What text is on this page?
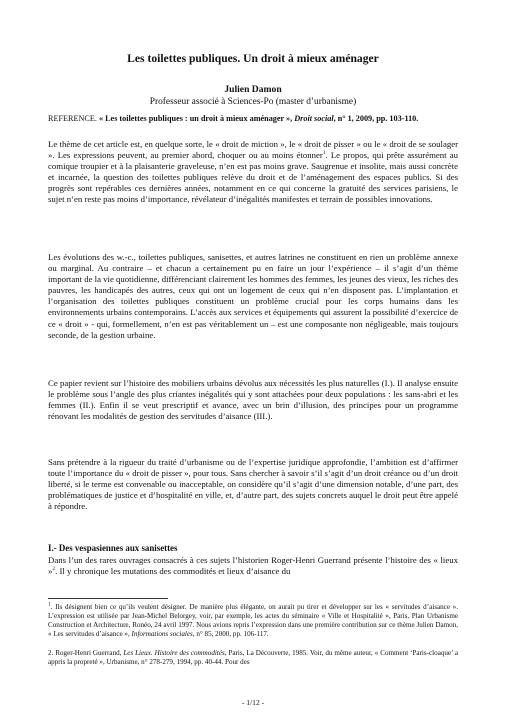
Les toilettes publiques. Un droit à mieux aménager

Julien Damon

Professeur associé à Sciences-Po (master d’urbanisme)

REFERENCE. « Les toilettes publiques : un droit à mieux aménager », Droit social, n° 1, 2009, pp. 103-110.

Le thème de cet article est, en quelque sorte, le « droit de miction », le « droit de pisser » ou le « droit de se soulager ». Les expressions peuvent, au premier abord, choquer ou au moins étonner$^1$. Le propos, qui prête assurément au comique troupier et à la plaisanterie graveleuse, n’en est pas moins grave. Saugrenue et insolite, mais aussi concrète et incarnée, la question des toilettes publiques relève du droit et de l’aménagement des espaces publics. Si des progrès sont repérables ces dernières années, notamment en ce qui concerne la gratuité des services parisiens, le sujet n’en reste pas moins d’importance, révélateur d’inégalités manifestes et terrain de possibles innovations.

Les évolutions des w.-c., toilettes publiques, sanisettes, et autres latrines ne constituent en rien un problème annexe ou marginal. Au contraire – et chacun a certainement pu en faire un jour l’expérience – il s’agit d’un thème important de la vie quotidienne, différenciant clairement les hommes des femmes, les jeunes des vieux, les riches des pauvres, les handicapés des autres, ceux qui ont un logement de ceux qui n’en disposent pas. L’implantation et l’organisation des toilettes publiques constituent un problème crucial pour les corps humains dans les environnements urbains contemporains. L’accès aux services et équipements qui assurent la possibilité d’exercice de ce « droit » - qui, formellement, n’en est pas véritablement un – est une composante non négligeable, mais toujours seconde, de la gestion urbaine.

Ce papier revient sur l’histoire des mobiliers urbains dévolus aux nécessités les plus naturelles (I.). Il analyse ensuite le problème sous l’angle des plus criantes inégalités qui y sont attachées pour deux populations : les sans-abri et les femmes (II.). Enfin il se veut prescriptif et avance, avec un brin d’illusion, des principes pour un programme rénovant les modalités de gestion des servitudes d’aisance (III.).

Sans prétendre à la rigueur du traité d’urbanisme ou de l’expertise juridique approfondie, l’ambition est d’affirmer toute l’importance du « droit de pisser », pour tous. Sans chercher à savoir s’il s’agit d’un droit créance ou d’un droit liberté, si le terme est convenable ou inacceptable, on considère qu’il s’agit d’une dimension notable, d’une part, des problématiques de justice et d’hospitalité en ville, et, d’autre part, des sujets concrets auquel le droit peut être appelé à répondre.

I.- Des vespasiennes aux sanisettes

Dans l’un des rares ouvrages consacrés à ces sujets l’historien Roger-Henri Guerrand présente l’histoire des « lieux »$^2$. Il y chronique les mutations des commodités et lieux d’aisance du

$^1$. Ils désignent bien ce qu’ils veulent désigner. De manière plus élégante, on aurait pu tirer et développer sur les « servitudes d’aisance ». L’expression est utilisée par Jean-Michel Belorgey, voir, par exemple, les actes du séminaire « Ville et Hospitalité », Paris, Plan Urbanisme Construction et Architecture, Ronéo, 24 avril 1997. Nous avions repris l’expression dans une première contribution sur ce thème Julien Damon, « Les servitudes d’aisance », Informations sociales, n° 85, 2000, pp. 106-117.

2. Roger-Henri Guerrand, Les Lieux. Histoire des commodités, Paris, La Découverte, 1985. Voir, du même auteur, « Comment ‘Paris-cloaque’ a appris la propreté », Urbanisme, n° 278-279, 1994, pp. 40-44. Pour des

- 1/12 -
